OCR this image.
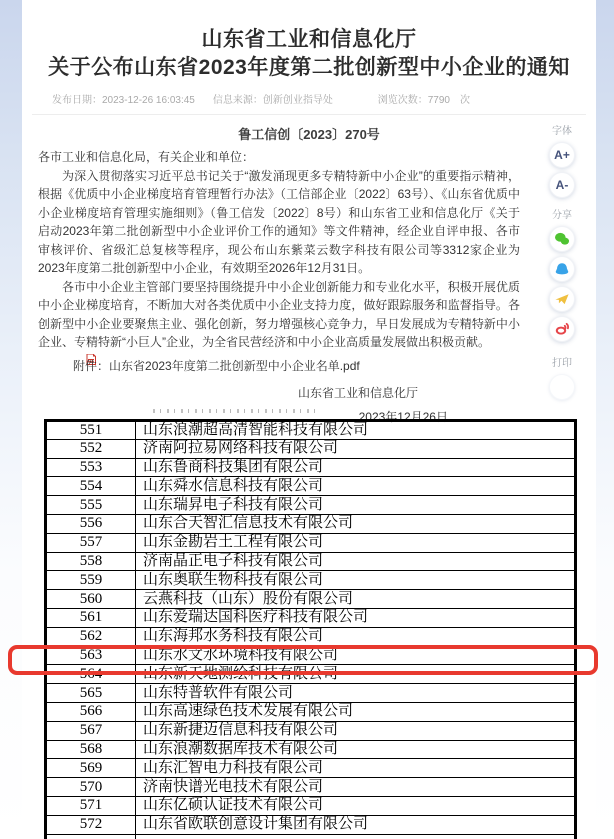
山东省工业和信息化厅
关于公布山东省2023年度第二批创新型中小企业的通知
发布日期：2023-12-26 16:03:45 信息来源：创新创业指导处	浏览次数：7790 次
鲁工信创〔2023〕270号

各市工业和信息化局，有关企业和单位：

为深入贯彻落实习近平总书记关于“激发涌现更多专精特新中小企业”的重要指示精神，根据《优质中小企业梯度培育管理暂行办法》（工信部企业〔2022〕63号）、《山东省优质中小企业梯度培育管理实施细则》（鲁工信发〔2022〕8号）和山东省工业和信息化厅《关于启动2023年第二批创新型中小企业评价工作的通知》等文件精神，经企业自评申报、各市审核评价、省级汇总复核等程序，现公布山东紫菜云数字科技有限公司等3312家企业为2023年度第二批创新型中小企业，有效期至2026年12月31日。

各市中小企业主管部门要坚持围绕提升中小企业创新能力和专业化水平，积极开展优质中小企业梯度培育，不断加大对各类优质中小企业支持力度，做好跟踪服务和监督指导。各创新型中小企业要聚焦主业、强化创新，努力增强核心竞争力，早日发展成为专精特新中小企业、专精特新“小巨人”企业，为全省民营经济和中小企业高质量发展做出积极贡献。

附件：山东省2023年度第二批创新型中小企业名单.pdf

山东省工业和信息化厅
2023年12月26日
字体
A+
A-
分享
打印
551	山东浪潮超高清智能科技有限公司
552	济南阿拉易网络科技有限公司
553	山东鲁商科技集团有限公司
554	山东舜水信息科技有限公司
555	山东瑞昇电子科技有限公司
556	山东合天智汇信息技术有限公司
557	山东金勘岩土工程有限公司
558	济南晶正电子科技有限公司
559	山东奥联生物科技有限公司
560	云燕科技（山东）股份有限公司
561	山东爱瑞达国科医疗科技有限公司
562	山东海邦水务科技有限公司
563	山东水文水环境科技有限公司
564	山东新天地测绘科技有限公司
565	山东特普软件有限公司
566	山东高速绿色技术发展有限公司
567	山东新捷迈信息科技有限公司
568	山东浪潮数据库技术有限公司
569	山东汇智电力科技有限公司
570	济南快谱光电技术有限公司
571	山东亿硕认证技术有限公司
572	山东省欧联创意设计集团有限公司
